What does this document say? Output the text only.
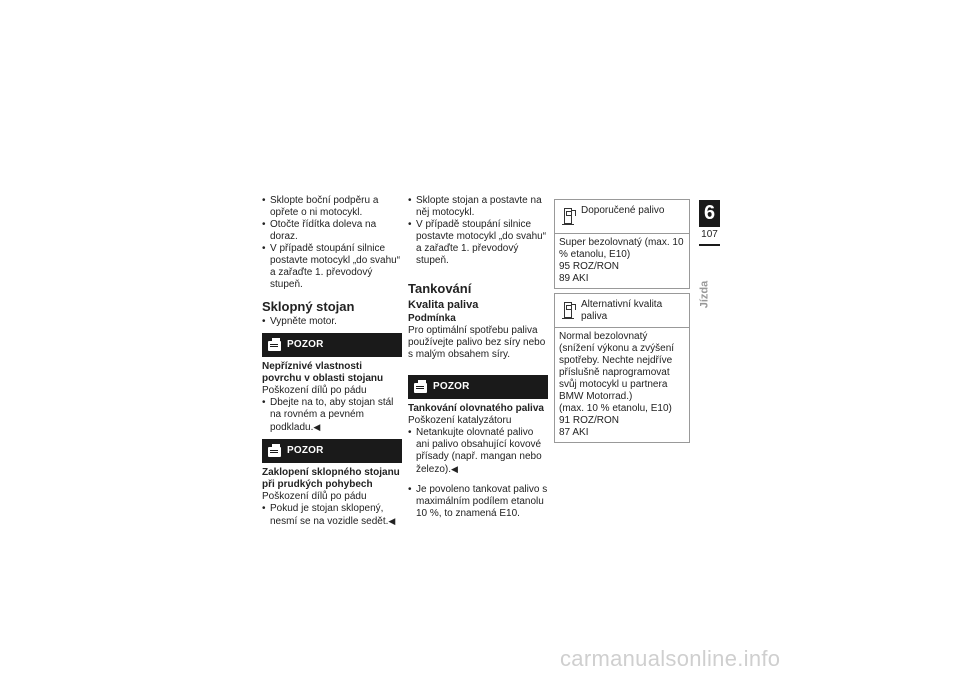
• Sklopte boční podpěru a opřete o ni motocykl.
• Otočte řídítka doleva na doraz.
• V případě stoupání silnice postavte motocykl „do svahu“ a zařaďte 1. převodový stupeň.
Sklopný stojan
• Vypněte motor.
POZOR
Nepříznivé vlastnosti povrchu v oblasti stojanu
Poškození dílů po pádu
• Dbejte na to, aby stojan stál na rovném a pevném podkladu.◀
POZOR
Zaklopení sklopného stojanu při prudkých pohybech
Poškození dílů po pádu
• Pokud je stojan sklopený, nesmí se na vozidle sedět.◀
• Sklopte stojan a postavte na něj motocykl.
• V případě stoupání silnice postavte motocykl „do svahu“ a zařaďte 1. převodový stupeň.
Tankování
Kvalita paliva
Podmínka

Pro optimální spotřebu paliva používejte palivo bez síry nebo s malým obsahem síry.

POZOR
Tankování olovnatého paliva
Poškození katalyzátoru
• Netankujte olovnaté palivo ani palivo obsahující kovové přísady (např. mangan nebo železo).◀
• Je povoleno tankovat palivo s maximálním podílem etanolu 10 %, to znamená E10.
Doporučené palivo
Super bezolovnatý (max. 10 % etanolu, E10)
95 ROZ/RON
89 AKI
Alternativní kvalita paliva
Normal bezolovnatý (snížení výkonu a zvýšení spotřeby. Nechte nejdříve příslušně naprogramovat svůj motocykl u partnera BMW Motorrad.)
(max. 10 % etanolu, E10)
91 ROZ/RON
87 AKI
6
107
Jízda
carmanualsonline.info
